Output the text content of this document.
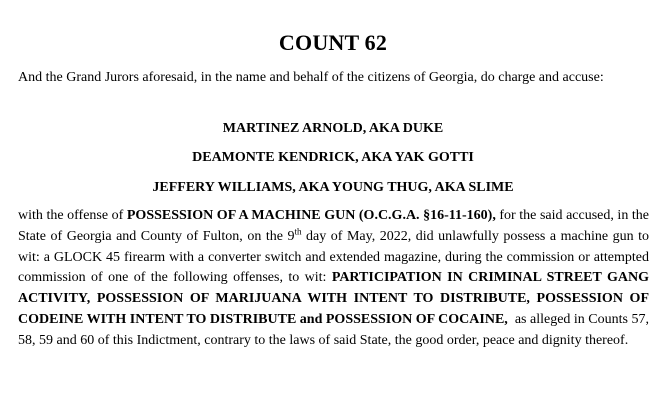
COUNT 62
And the Grand Jurors aforesaid, in the name and behalf of the citizens of Georgia, do charge and accuse:
MARTINEZ ARNOLD, AKA DUKE
DEAMONTE KENDRICK, AKA YAK GOTTI
JEFFERY WILLIAMS, AKA YOUNG THUG, AKA SLIME
with the offense of POSSESSION OF A MACHINE GUN (O.C.G.A. §16-11-160), for the said accused, in the State of Georgia and County of Fulton, on the 9th day of May, 2022, did unlawfully possess a machine gun to wit: a GLOCK 45 firearm with a converter switch and extended magazine, during the commission or attempted commission of one of the following offenses, to wit: PARTICIPATION IN CRIMINAL STREET GANG ACTIVITY, POSSESSION OF MARIJUANA WITH INTENT TO DISTRIBUTE, POSSESSION OF CODEINE WITH INTENT TO DISTRIBUTE and POSSESSION OF COCAINE,  as alleged in Counts 57, 58, 59 and 60 of this Indictment, contrary to the laws of said State, the good order, peace and dignity thereof.
